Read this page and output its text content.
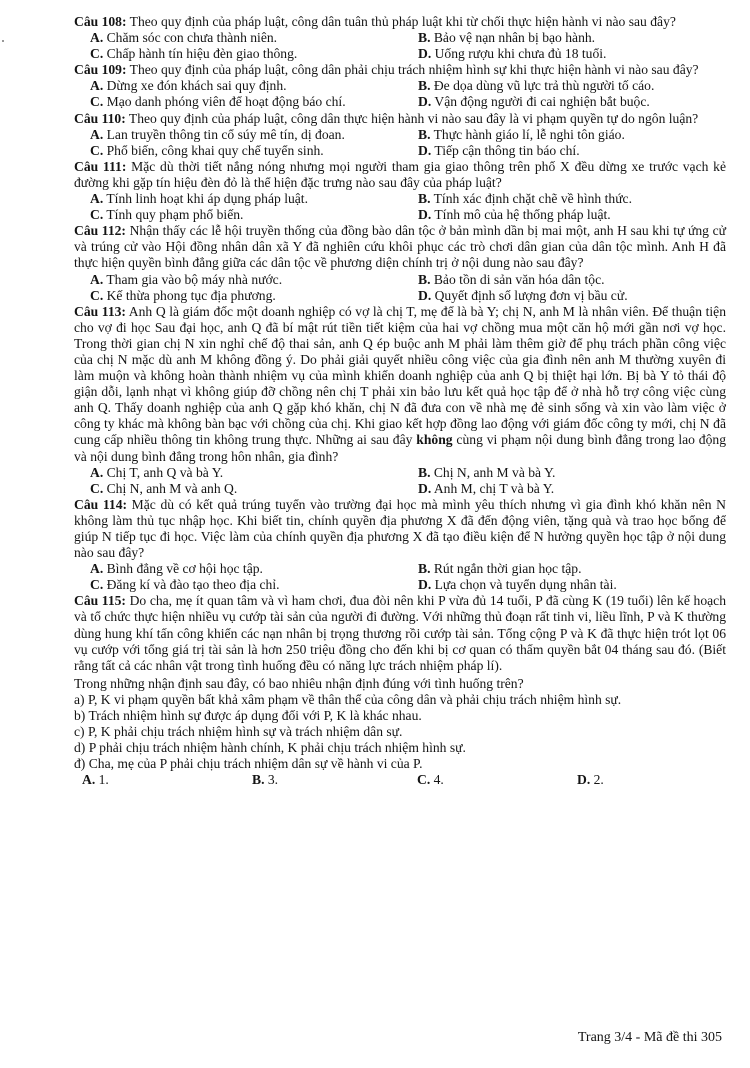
Câu 108: Theo quy định của pháp luật, công dân tuân thủ pháp luật khi từ chối thực hiện hành vi nào sau đây?

A. Chăm sóc con chưa thành niên.	B. Bảo vệ nạn nhân bị bạo hành.
C. Chấp hành tín hiệu đèn giao thông.	D. Uống rượu khi chưa đủ 18 tuổi.

Câu 109: Theo quy định của pháp luật, công dân phải chịu trách nhiệm hình sự khi thực hiện hành vi nào sau đây?

A. Dừng xe đón khách sai quy định.	B. Đe dọa dùng vũ lực trả thù người tố cáo.
C. Mạo danh phóng viên để hoạt động báo chí.	D. Vận động người đi cai nghiện bắt buộc.

Câu 110: Theo quy định của pháp luật, công dân thực hiện hành vi nào sau đây là vi phạm quyền tự do ngôn luận?

A. Lan truyền thông tin cổ súy mê tín, dị đoan.	B. Thực hành giáo lí, lễ nghi tôn giáo.
C. Phổ biến, công khai quy chế tuyển sinh.	D. Tiếp cận thông tin báo chí.

Câu 111: Mặc dù thời tiết nắng nóng nhưng mọi người tham gia giao thông trên phố X đều dừng xe trước vạch kẻ đường khi gặp tín hiệu đèn đỏ là thể hiện đặc trưng nào sau đây của pháp luật?

A. Tính linh hoạt khi áp dụng pháp luật.	B. Tính xác định chặt chẽ về hình thức.
C. Tính quy phạm phổ biến.	D. Tính mô của hệ thống pháp luật.

Câu 112: Nhận thấy các lễ hội truyền thống của đồng bào dân tộc ở bản mình dần bị mai một, anh H sau khi tự ứng cử và trúng cử vào Hội đồng nhân dân xã Y đã nghiên cứu khôi phục các trò chơi dân gian của dân tộc mình. Anh H đã thực hiện quyền bình đẳng giữa các dân tộc về phương diện chính trị ở nội dung nào sau đây?

A. Tham gia vào bộ máy nhà nước.	B. Bảo tồn di sản văn hóa dân tộc.
C. Kế thừa phong tục địa phương.	D. Quyết định số lượng đơn vị bầu cử.

Câu 113: Anh Q là giám đốc một doanh nghiệp có vợ là chị T, mẹ để là bà Y; chị N, anh M là nhân viên. Để thuận tiện cho vợ đi học Sau đại học, anh Q đã bí mật rút tiền tiết kiệm của hai vợ chồng mua một căn hộ mới gần nơi vợ học. Trong thời gian chị N xin nghỉ chế độ thai sản, anh Q ép buộc anh M phải làm thêm giờ để phụ trách phần công việc của chị N mặc dù anh M không đồng ý. Do phải giải quyết nhiều công việc của gia đình nên anh M thường xuyên đi làm muộn và không hoàn thành nhiệm vụ của mình khiến doanh nghiệp của anh Q bị thiệt hại lớn. Bị bà Y tỏ thái độ giận dỗi, lạnh nhạt vì không giúp đỡ chồng nên chị T phải xin bảo lưu kết quả học tập để ở nhà hỗ trợ công việc cùng anh Q. Thấy doanh nghiệp của anh Q gặp khó khăn, chị N đã đưa con về nhà mẹ đẻ sinh sống và xin vào làm việc ở công ty khác mà không bàn bạc với chồng của chị. Khi giao kết hợp đồng lao động với giám đốc công ty mới, chị N đã cung cấp nhiều thông tin không trung thực. Những ai sau đây không cùng vi phạm nội dung bình đẳng trong lao động và nội dung bình đẳng trong hôn nhân, gia đình?

A. Chị T, anh Q và bà Y.	B. Chị N, anh M và bà Y.
C. Chị N, anh M và anh Q.	D. Anh M, chị T và bà Y.

Câu 114: Mặc dù có kết quả trúng tuyển vào trường đại học mà mình yêu thích nhưng vì gia đình khó khăn nên N không làm thủ tục nhập học. Khi biết tin, chính quyền địa phương X đã đến động viên, tặng quà và trao học bổng để giúp N tiếp tục đi học. Việc làm của chính quyền địa phương X đã tạo điều kiện để N hưởng quyền học tập ở nội dung nào sau đây?

A. Bình đẳng về cơ hội học tập.	B. Rút ngắn thời gian học tập.
C. Đăng kí và đào tạo theo địa chỉ.	D. Lựa chọn và tuyển dụng nhân tài.

Câu 115: Do cha, mẹ ít quan tâm và vì ham chơi, đua đòi nên khi P vừa đủ 14 tuổi, P đã cùng K (19 tuổi) lên kế hoạch và tổ chức thực hiện nhiều vụ cướp tài sản của người đi đường. Với những thủ đoạn rất tinh vi, liều lĩnh, P và K thường dùng hung khí tấn công khiến các nạn nhân bị trọng thương rồi cướp tài sản. Tổng cộng P và K đã thực hiện trót lọt 06 vụ cướp với tổng giá trị tài sản là hơn 250 triệu đồng cho đến khi bị cơ quan có thẩm quyền bắt 04 tháng sau đó. (Biết rằng tất cả các nhân vật trong tình huống đều có năng lực trách nhiệm pháp lí).

Trong những nhận định sau đây, có bao nhiêu nhận định đúng với tình huống trên?

a) P, K vi phạm quyền bất khả xâm phạm về thân thể của công dân và phải chịu trách nhiệm hình sự.

b) Trách nhiệm hình sự được áp dụng đối với P, K là khác nhau.

c) P, K phải chịu trách nhiệm hình sự và trách nhiệm dân sự.

d) P phải chịu trách nhiệm hành chính, K phải chịu trách nhiệm hình sự.

đ) Cha, mẹ của P phải chịu trách nhiệm dân sự về hành vi của P.

A. 1.	B. 3.	C. 4.	D. 2.
Trang 3/4 - Mã đề thi 305
